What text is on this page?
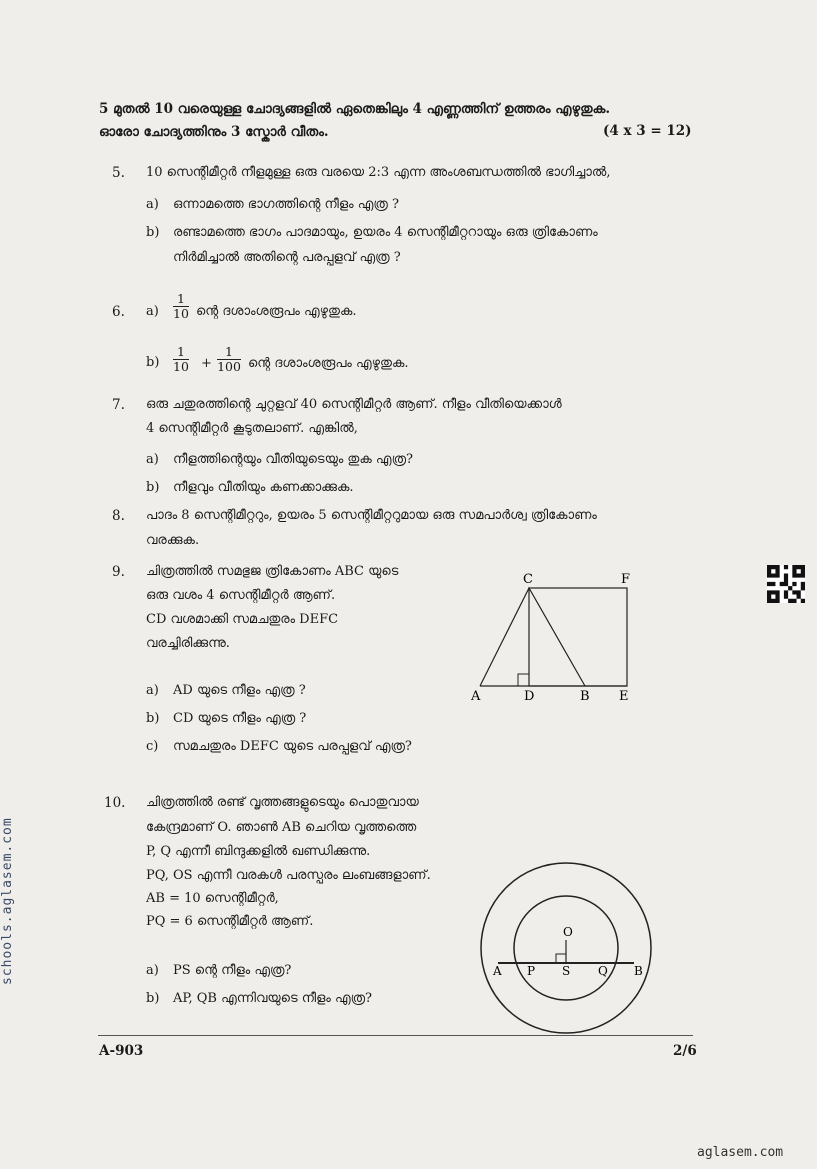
5 മുതൽ 10 വരെയുള്ള ചോദ്യങ്ങളിൽ ഏതെങ്കിലും 4 എണ്ണത്തിന് ഉത്തരം എഴുതുക.
ഓരോ ചോദ്യത്തിനും 3 സ്കോർ വീതം.	(4 x 3 = 12)
5. 10 സെന്റിമീറ്റർ നീളമുള്ള ഒരു വരയെ 2:3 എന്ന അംശബന്ധത്തിൽ ഭാഗിച്ചാൽ,
a) ഒന്നാമത്തെ ഭാഗത്തിന്റെ നീളം എത്ര ?
b) രണ്ടാമത്തെ ഭാഗം പാദമായും, ഉയരം 4 സെന്റിമീറ്ററായും ഒരു ത്രികോണം
നിർമിച്ചാൽ അതിന്റെ പരപ്പളവ് എത്ര ?
6. a)
1
10 ന്റെ ദശാംശരൂപം എഴുതുക.
b)
1
10 +
1
100 ന്റെ ദശാംശരൂപം എഴുതുക.
7. ഒരു ചതുരത്തിന്റെ ചുറ്റളവ് 40 സെന്റിമീറ്റർ ആണ്. നീളം വീതിയെക്കാൾ
4 സെന്റിമീറ്റർ കൂടുതലാണ്. എങ്കിൽ,
a) നീളത്തിന്റെയും വീതിയുടെയും തുക എത്ര?
b) നീളവും വീതിയും കണക്കാക്കുക.
8. പാദം 8 സെന്റിമീറ്ററും, ഉയരം 5 സെന്റിമീറ്ററുമായ ഒരു സമപാർശ്വ ത്രികോണം
വരക്കുക.
9. ചിത്രത്തിൽ സമഭുജ ത്രികോണം ABC യുടെ
ഒരു വശം 4 സെന്റിമീറ്റർ ആണ്.
CD വശമാക്കി സമചതുരം DEFC
വരച്ചിരിക്കുന്നു.
C	F
A	D	B E
a) AD യുടെ നീളം എത്ര ?
b) CD യുടെ നീളം എത്ര ?
c) സമചതുരം DEFC യുടെ പരപ്പളവ് എത്ര?
10. ചിത്രത്തിൽ രണ്ട് വൃത്തങ്ങളുടെയും പൊതുവായ
കേന്ദ്രമാണ് O. ഞാൺ AB ചെറിയ വൃത്തത്തെ
P, Q എന്നീ ബിന്ദുക്കളിൽ ഖണ്ഡിക്കുന്നു.
PQ, OS എന്നീ വരകൾ പരസ്പരം ലംബങ്ങളാണ്.
AB = 10 സെന്റിമീറ്റർ,
PQ = 6 സെന്റിമീറ്റർ ആണ്.
O
A P S Q B
a) PS ന്റെ നീളം എത്ര?
b) AP, QB എന്നിവയുടെ നീളം എത്ര?
A-903	2/6
schools.aglasem.com
aglasem.com
